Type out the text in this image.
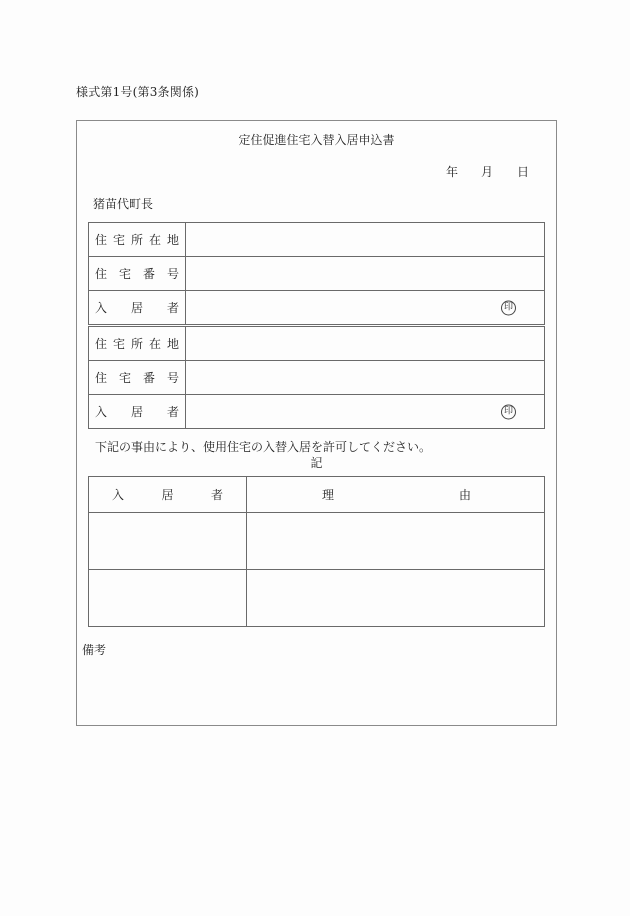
様式第1号(第3条関係)
定住促進住宅入替入居申込書
年 月 日
猪苗代町長
住 宅 所 在 地	

住 宅 番 号	

入 居 者	印

住 宅 所 在 地	

住 宅 番 号	

入 居 者	印
下記の事由により、使用住宅の入替入居を許可してください。
記
入 居 者	理 由

備考
